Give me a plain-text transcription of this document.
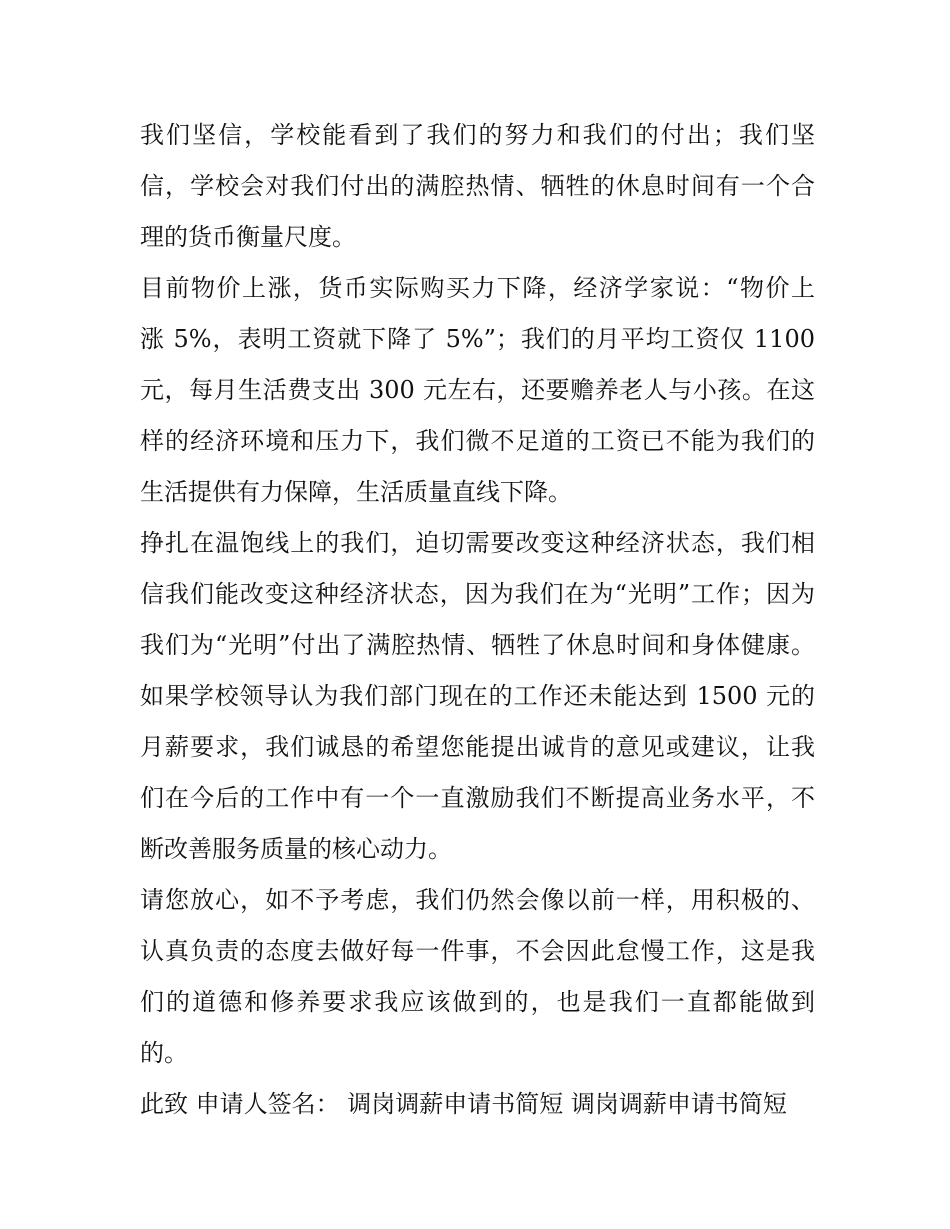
我们坚信，学校能看到了我们的努力和我们的付出；我们坚
信，学校会对我们付出的满腔热情、牺牲的休息时间有一个合
理的货币衡量尺度。
目前物价上涨，货币实际购买力下降，经济学家说：“物价上
涨 5%，表明工资就下降了 5%”；我们的月平均工资仅 1100
元，每月生活费支出 300 元左右，还要赡养老人与小孩。在这
样的经济环境和压力下，我们微不足道的工资已不能为我们的
生活提供有力保障，生活质量直线下降。
挣扎在温饱线上的我们，迫切需要改变这种经济状态，我们相
信我们能改变这种经济状态，因为我们在为“光明”工作；因为
我们为“光明”付出了满腔热情、牺牲了休息时间和身体健康。
如果学校领导认为我们部门现在的工作还未能达到 1500 元的
月薪要求，我们诚恳的希望您能提出诚肯的意见或建议，让我
们在今后的工作中有一个一直激励我们不断提高业务水平，不
断改善服务质量的核心动力。
请您放心，如不予考虑，我们仍然会像以前一样，用积极的、
认真负责的态度去做好每一件事，不会因此怠慢工作，这是我
们的道德和修养要求我应该做到的，也是我们一直都能做到
的。
此致 申请人签名： 调岗调薪申请书简短 调岗调薪申请书简短
